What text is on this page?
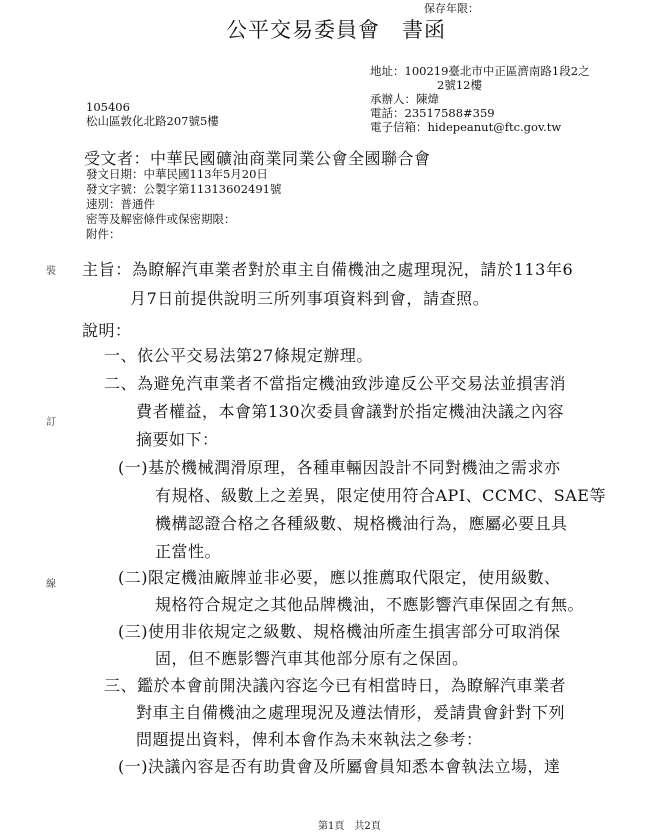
保存年限：
公平交易委員會 書函
地址：100219臺北市中正區濟南路1段2之
2號12樓
承辦人：陳煒
電話：23517588#359
電子信箱：hidepeanut@ftc.gov.tw
105406
松山區敦化北路207號5樓
受文者：中華民國礦油商業同業公會全國聯合會
發文日期：中華民國113年5月20日
發文字號：公製字第11313602491號
速別：普通件
密等及解密條件或保密期限：
附件：
裝
訂
線
主旨：為瞭解汽車業者對於車主自備機油之處理現況，請於113年6
月7日前提供說明三所列事項資料到會，請查照。
說明：
一、依公平交易法第27條規定辦理。
二、為避免汽車業者不當指定機油致涉違反公平交易法並損害消
費者權益，本會第130次委員會議對於指定機油決議之內容
摘要如下：
(一)基於機械潤滑原理，各種車輛因設計不同對機油之需求亦
有規格、級數上之差異，限定使用符合API、CCMC、SAE等
機構認證合格之各種級數、規格機油行為，應屬必要且具
正當性。
(二)限定機油廠牌並非必要，應以推薦取代限定，使用級數、
規格符合規定之其他品牌機油，不應影響汽車保固之有無。
(三)使用非依規定之級數、規格機油所產生損害部分可取消保
固，但不應影響汽車其他部分原有之保固。
三、鑑於本會前開決議內容迄今已有相當時日，為瞭解汽車業者
對車主自備機油之處理現況及遵法情形，爰請貴會針對下列
問題提出資料，俾利本會作為未來執法之參考：
(一)決議內容是否有助貴會及所屬會員知悉本會執法立場，達
第1頁　共2頁
